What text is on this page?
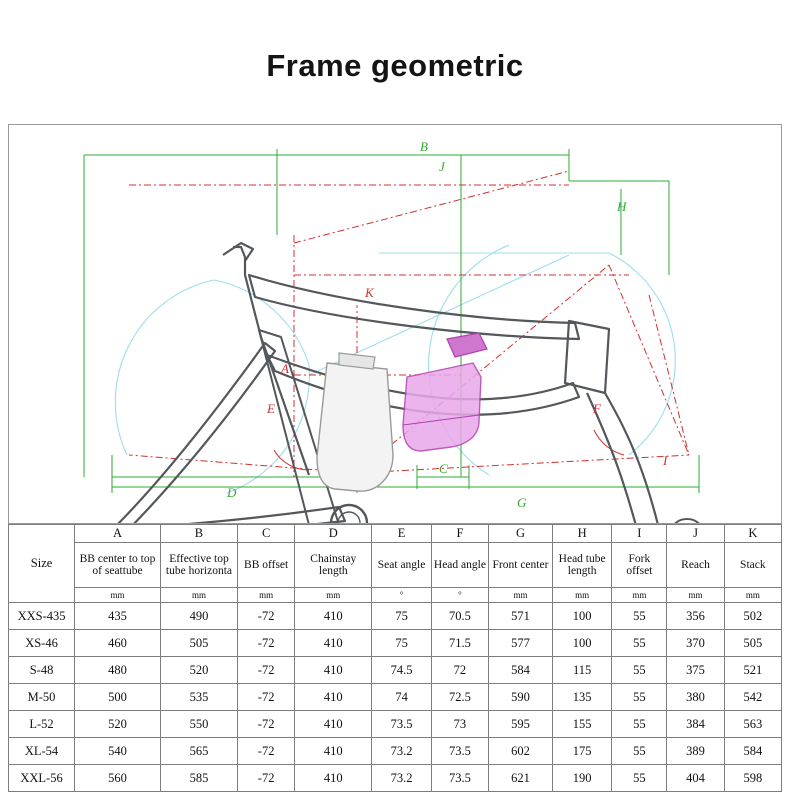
Frame geometric
B
J
C
D
G
H
A
E	F
I
K
Size	A	B	C	D	E	F	G	H	I	J	K
	BB center to top of seattube	Effective top tube horizonta	BB offset	Chainstay length	Seat angle	Head angle	Front center	Head tube length	Fork offset	Reach	Stack
	mm	mm	mm	mm	°	°	mm	mm	mm	mm	mm
XXS-435	435	490	-72	410	75	70.5	571	100	55	356	502
XS-46	460	505	-72	410	75	71.5	577	100	55	370	505
S-48	480	520	-72	410	74.5	72	584	115	55	375	521
M-50	500	535	-72	410	74	72.5	590	135	55	380	542
L-52	520	550	-72	410	73.5	73	595	155	55	384	563
XL-54	540	565	-72	410	73.2	73.5	602	175	55	389	584
XXL-56	560	585	-72	410	73.2	73.5	621	190	55	404	598
